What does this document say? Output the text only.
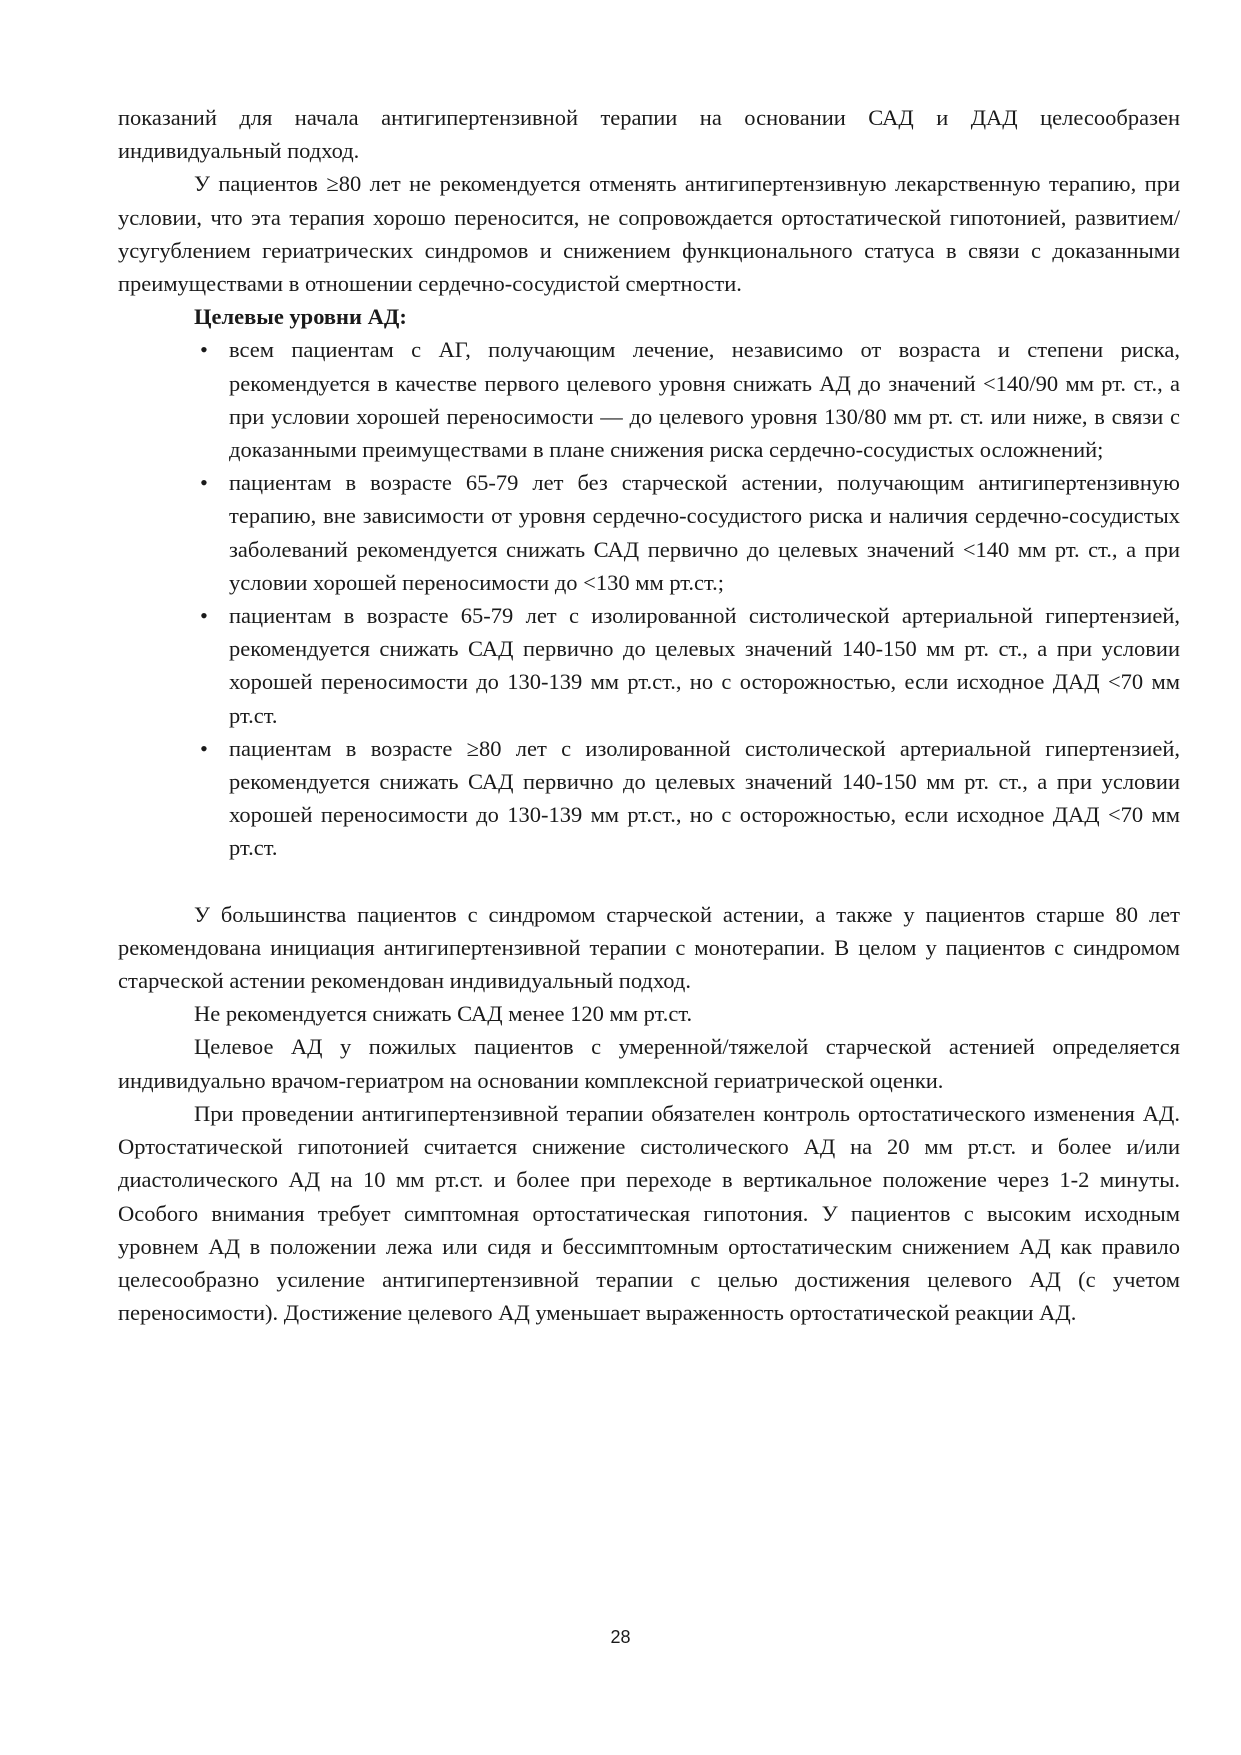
показаний для начала антигипертензивной терапии на основании САД и ДАД целесообразен индивидуальный подход.

У пациентов ≥80 лет не рекомендуется отменять антигипертензивную лекарственную терапию, при условии, что эта терапия хорошо переносится, не сопровождается ортостатической гипотонией, развитием/усугублением гериатрических синдромов и снижением функционального статуса в связи с доказанными преимуществами в отношении сердечно-сосудистой смертности.

Целевые уровни АД:

• всем пациентам с АГ, получающим лечение, независимо от возраста и степени риска, рекомендуется в качестве первого целевого уровня снижать АД до значений <140/90 мм рт. ст., а при условии хорошей переносимости — до целевого уровня 130/80 мм рт. ст. или ниже, в связи с доказанными преимуществами в плане снижения риска сердечно-сосудистых осложнений;
• пациентам в возрасте 65-79 лет без старческой астении, получающим антигипертензивную терапию, вне зависимости от уровня сердечно-сосудистого риска и наличия сердечно-сосудистых заболеваний рекомендуется снижать САД первично до целевых значений <140 мм рт. ст., а при условии хорошей переносимости до <130 мм рт.ст.;
• пациентам в возрасте 65-79 лет с изолированной систолической артериальной гипертензией, рекомендуется снижать САД первично до целевых значений 140-150 мм рт. ст., а при условии хорошей переносимости до 130-139 мм рт.ст., но с осторожностью, если исходное ДАД <70 мм рт.ст.
• пациентам в возрасте ≥80 лет с изолированной систолической артериальной гипертензией, рекомендуется снижать САД первично до целевых значений 140-150 мм рт. ст., а при условии хорошей переносимости до 130-139 мм рт.ст., но с осторожностью, если исходное ДАД <70 мм рт.ст.

У большинства пациентов с синдромом старческой астении, а также у пациентов старше 80 лет рекомендована инициация антигипертензивной терапии с монотерапии. В целом у пациентов с синдромом старческой астении рекомендован индивидуальный подход.

Не рекомендуется снижать САД менее 120 мм рт.ст.

Целевое АД у пожилых пациентов с умеренной/тяжелой старческой астенией определяется индивидуально врачом-гериатром на основании комплексной гериатрической оценки.

При проведении антигипертензивной терапии обязателен контроль ортостатического изменения АД. Ортостатической гипотонией считается снижение систолического АД на 20 мм рт.ст. и более и/или диастолического АД на 10 мм рт.ст. и более при переходе в вертикальное положение через 1-2 минуты. Особого внимания требует симптомная ортостатическая гипотония. У пациентов с высоким исходным уровнем АД в положении лежа или сидя и бессимптомным ортостатическим снижением АД как правило целесообразно усиление антигипертензивной терапии с целью достижения целевого АД (с учетом переносимости). Достижение целевого АД уменьшает выраженность ортостатической реакции АД.

28
